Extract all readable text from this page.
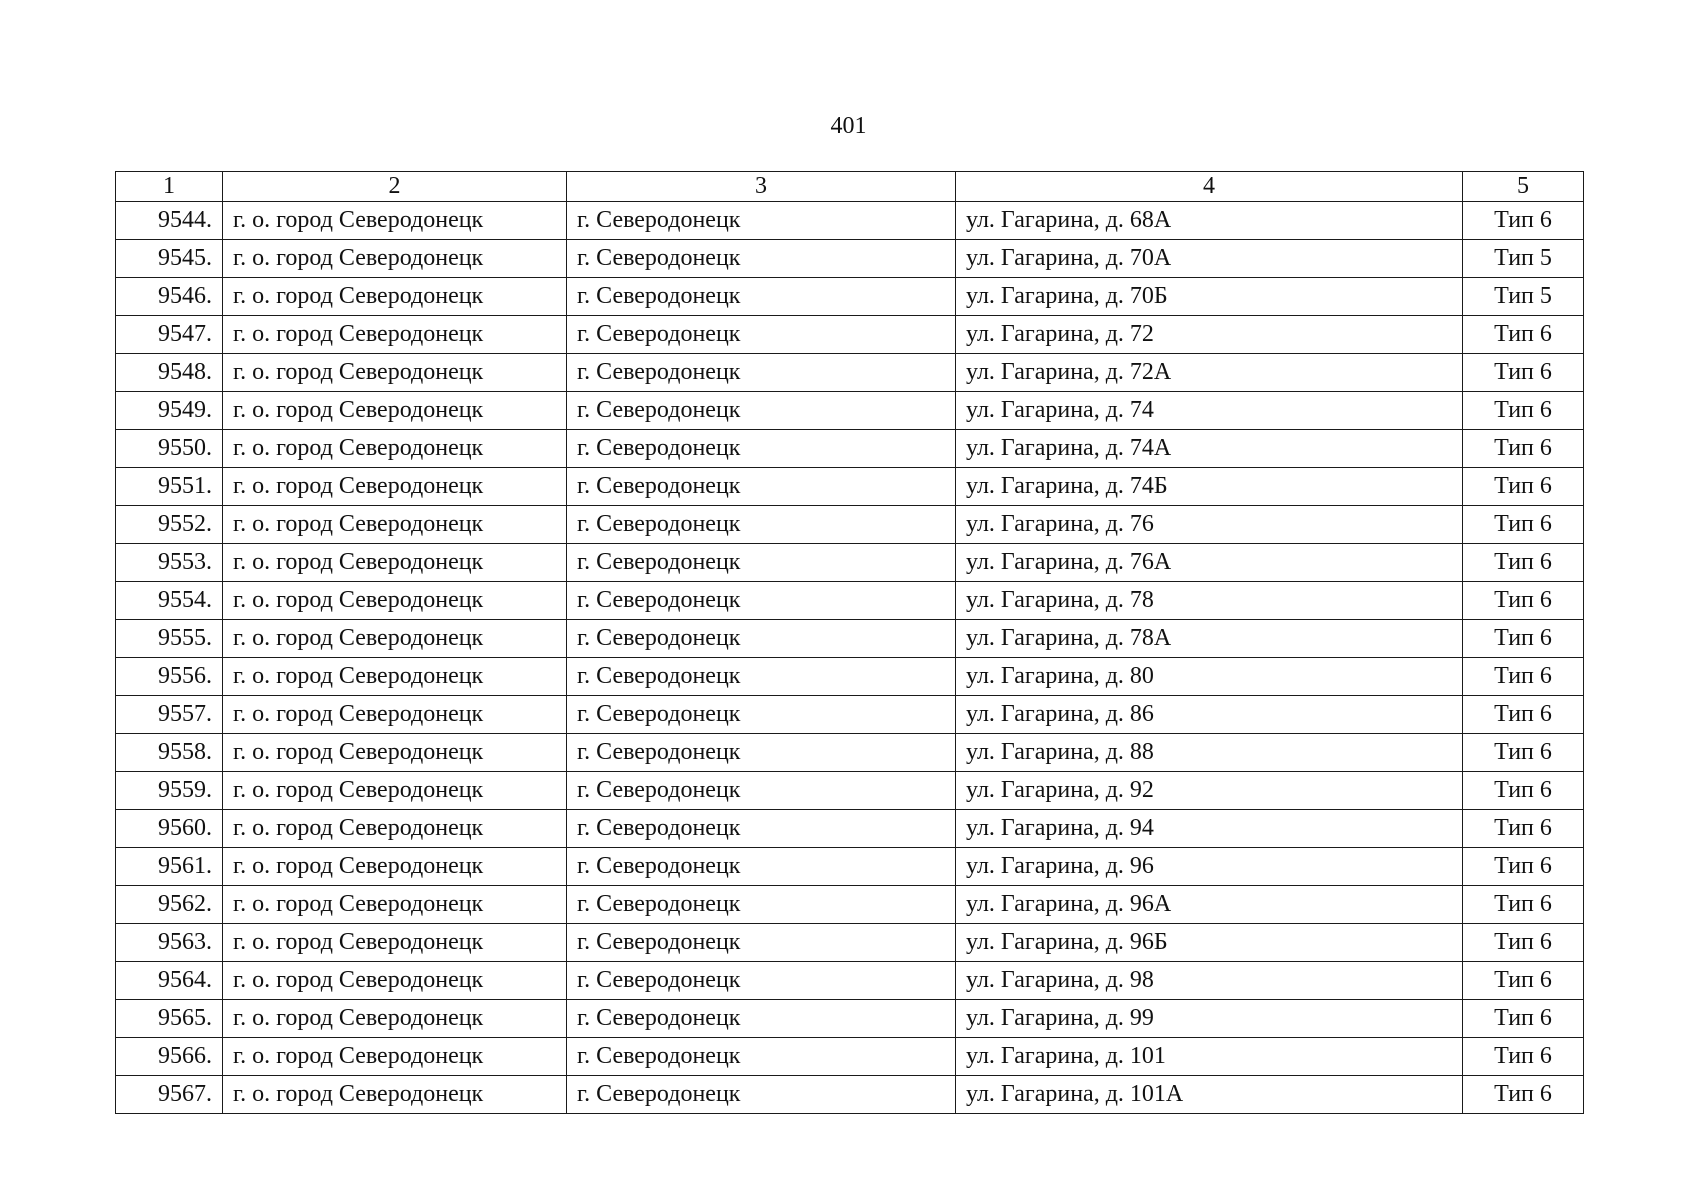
401
1	2	3	4	5
9544.	г. о. город Северодонецк	г. Северодонецк	ул. Гагарина, д. 68А	Тип 6
9545.	г. о. город Северодонецк	г. Северодонецк	ул. Гагарина, д. 70А	Тип 5
9546.	г. о. город Северодонецк	г. Северодонецк	ул. Гагарина, д. 70Б	Тип 5
9547.	г. о. город Северодонецк	г. Северодонецк	ул. Гагарина, д. 72	Тип 6
9548.	г. о. город Северодонецк	г. Северодонецк	ул. Гагарина, д. 72А	Тип 6
9549.	г. о. город Северодонецк	г. Северодонецк	ул. Гагарина, д. 74	Тип 6
9550.	г. о. город Северодонецк	г. Северодонецк	ул. Гагарина, д. 74А	Тип 6
9551.	г. о. город Северодонецк	г. Северодонецк	ул. Гагарина, д. 74Б	Тип 6
9552.	г. о. город Северодонецк	г. Северодонецк	ул. Гагарина, д. 76	Тип 6
9553.	г. о. город Северодонецк	г. Северодонецк	ул. Гагарина, д. 76А	Тип 6
9554.	г. о. город Северодонецк	г. Северодонецк	ул. Гагарина, д. 78	Тип 6
9555.	г. о. город Северодонецк	г. Северодонецк	ул. Гагарина, д. 78А	Тип 6
9556.	г. о. город Северодонецк	г. Северодонецк	ул. Гагарина, д. 80	Тип 6
9557.	г. о. город Северодонецк	г. Северодонецк	ул. Гагарина, д. 86	Тип 6
9558.	г. о. город Северодонецк	г. Северодонецк	ул. Гагарина, д. 88	Тип 6
9559.	г. о. город Северодонецк	г. Северодонецк	ул. Гагарина, д. 92	Тип 6
9560.	г. о. город Северодонецк	г. Северодонецк	ул. Гагарина, д. 94	Тип 6
9561.	г. о. город Северодонецк	г. Северодонецк	ул. Гагарина, д. 96	Тип 6
9562.	г. о. город Северодонецк	г. Северодонецк	ул. Гагарина, д. 96А	Тип 6
9563.	г. о. город Северодонецк	г. Северодонецк	ул. Гагарина, д. 96Б	Тип 6
9564.	г. о. город Северодонецк	г. Северодонецк	ул. Гагарина, д. 98	Тип 6
9565.	г. о. город Северодонецк	г. Северодонецк	ул. Гагарина, д. 99	Тип 6
9566.	г. о. город Северодонецк	г. Северодонецк	ул. Гагарина, д. 101	Тип 6
9567.	г. о. город Северодонецк	г. Северодонецк	ул. Гагарина, д. 101А	Тип 6
